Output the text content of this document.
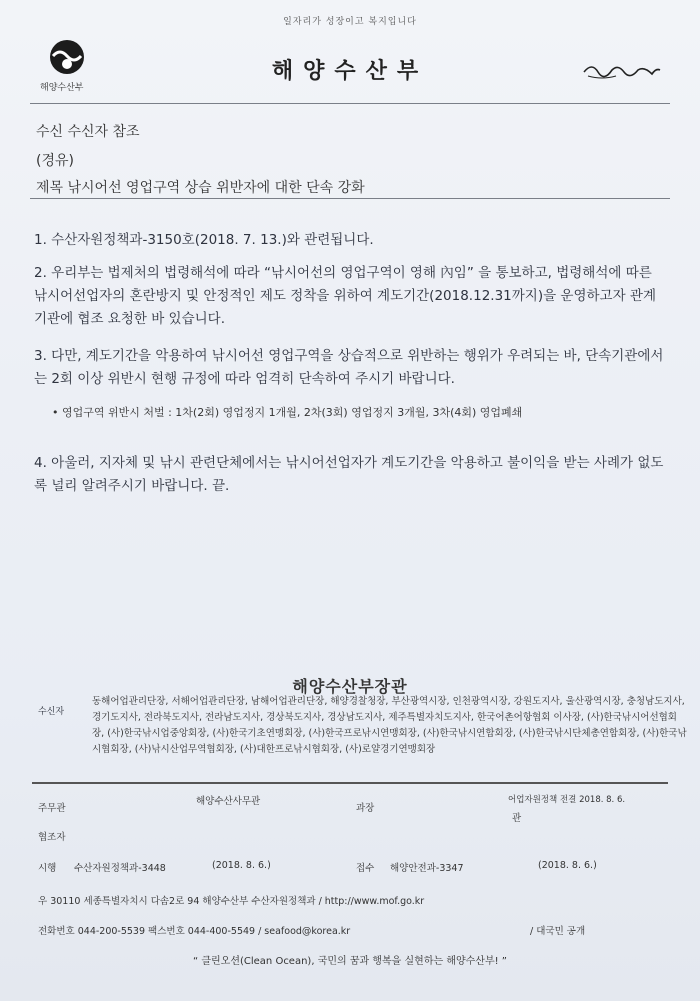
일자리가 성장이고 복지입니다
해양수산부
해양수산부
수신 수신자 참조
(경유)
제목 낚시어선 영업구역 상습 위반자에 대한 단속 강화
1. 수산자원정책과-3150호(2018. 7. 13.)와 관련됩니다.
2. 우리부는 법제처의 법령해석에 따라 “낚시어선의 영업구역이 영해 內임” 을 통보하고, 법령해석에 따른 낚시어선업자의 혼란방지 및 안정적인 제도 정착을 위하여 계도기간(2018.12.31까지)을 운영하고자 관계기관에 협조 요청한 바 있습니다.
3. 다만, 계도기간을 악용하여 낚시어선 영업구역을 상습적으로 위반하는 행위가 우려되는 바, 단속기관에서는 2회 이상 위반시 현행 규정에 따라 엄격히 단속하여 주시기 바랍니다.
• 영업구역 위반시 처벌 : 1차(2회) 영업정지 1개월, 2차(3회) 영업정지 3개월, 3차(4회) 영업폐쇄
4. 아울러, 지자체 및 낚시 관련단체에서는 낚시어선업자가 계도기간을 악용하고 불이익을 받는 사례가 없도록 널리 알려주시기 바랍니다. 끝.
해양수산부장관
수신자
동해어업관리단장, 서해어업관리단장, 남해어업관리단장, 해양경찰청장, 부산광역시장, 인천광역시장, 강원도지사, 울산광역시장, 충청남도지사, 경기도지사, 전라북도지사, 전라남도지사, 경상북도지사, 경상남도지사, 제주특별자치도지사, 한국어촌어항협회 이사장, (사)한국낚시어선협회장, (사)한국낚시업중앙회장, (사)한국기초연맹회장, (사)한국프로낚시연맹회장, (사)한국낚시연합회장, (사)한국낚시단체총연합회장, (사)한국낚시협회장, (사)낚시산업무역협회장, (사)대한프로낚시협회장, (사)로얄경기연맹회장
주무관
해양수산사무관
과장
어업자원정책 전결 2018. 8. 6.
관
협조자
시행 수산자원정책과-3448	(2018. 8. 6.)	접수 해양안전과-3347	(2018. 8. 6.)
우 30110 세종특별자치시 다솜2로 94 해양수산부 수산자원정책과 / http://www.mof.go.kr
전화번호 044-200-5539 팩스번호 044-400-5549 / seafood@korea.kr	/ 대국민 공개
“ 클린오션(Clean Ocean), 국민의 꿈과 행복을 실현하는 해양수산부! ”
